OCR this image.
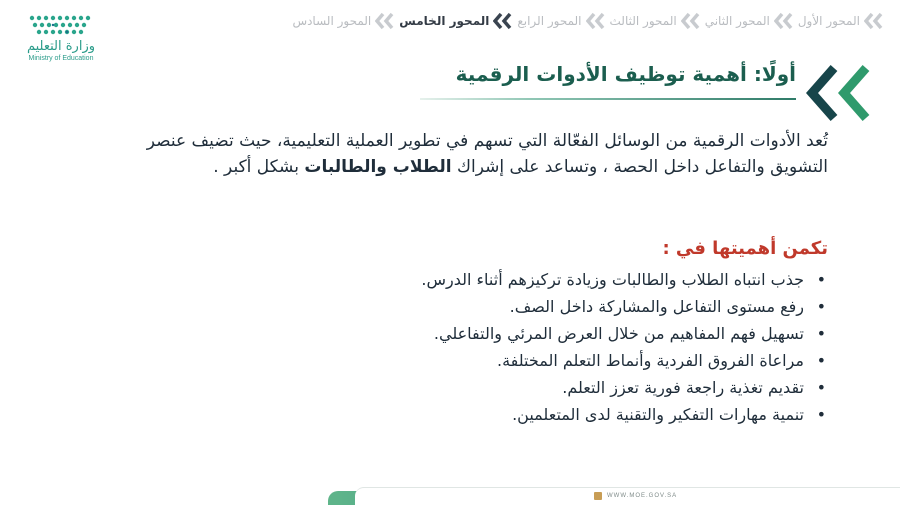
المحور الأول
المحور الثاني
المحور الثالث
المحور الرابع
المحور الخامس
المحور السادس
وزارة التعليم
Ministry of Education
أولًا: أهمية توظيف الأدوات الرقمية
تُعد الأدوات الرقمية من الوسائل الفعّالة التي تسهم في تطوير العملية التعليمية، حيث تضيف عنصر التشويق والتفاعل داخل الحصة ، وتساعد على إشراك الطلاب والطالبات بشكل أكبر .
تكمن أهميتها في :
• جذب انتباه الطلاب والطالبات وزيادة تركيزهم أثناء الدرس.
• رفع مستوى التفاعل والمشاركة داخل الصف.
• تسهيل فهم المفاهيم من خلال العرض المرئي والتفاعلي.
• مراعاة الفروق الفردية وأنماط التعلم المختلفة.
• تقديم تغذية راجعة فورية تعزز التعلم.
• تنمية مهارات التفكير والتقنية لدى المتعلمين.
WWW.MOE.GOV.SA
